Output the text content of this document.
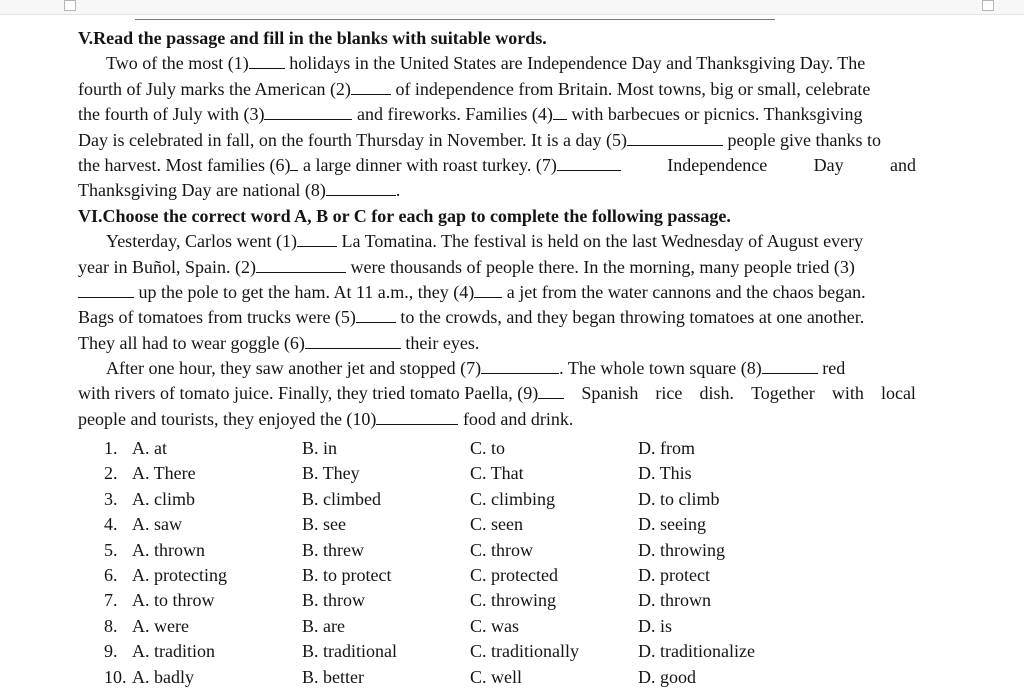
V.Read the passage and fill in the blanks with suitable words.
Two of the most (1) holidays in the United States are Independence Day and Thanksgiving Day. The
fourth of July marks the American (2) of independence from Britain. Most towns, big or small, celebrate
the fourth of July with (3)	and fireworks. Families (4) with barbecues or picnics. Thanksgiving
Day is celebrated in fall, on the fourth Thursday in November. It is a day (5)	people give thanks to
the harvest. Most families (6) a large dinner with roast turkey. (7)	Independence	Day	and
Thanksgiving Day are national (8)	.
VI.Choose the correct word A, B or C for each gap to complete the following passage.
Yesterday, Carlos went (1) La Tomatina. The festival is held on the last Wednesday of August every
year in Buñol, Spain. (2)	were thousands of people there. In the morning, many people tried (3)
up the pole to get the ham. At 11 a.m., they (4) a jet from the water cannons and the chaos began.
Bags of tomatoes from trucks were (5) to the crowds, and they began throwing tomatoes at one another.
They all had to wear goggle (6)	their eyes.
After one hour, they saw another jet and stopped (7)	. The whole town square (8)	red
with rivers of tomato juice. Finally, they tried tomato Paella, (9)	Spanish rice dish. Together with local
people and tourists, they enjoyed the (10)	food and drink.
1. A. at	B. in	C. to	D. from
2. A. There	B. They	C. That	D. This
3. A. climb	B. climbed	C. climbing	D. to climb
4. A. saw	B. see	C. seen	D. seeing
5. A. thrown	B. threw	C. throw	D. throwing
6. A. protecting	B. to protect	C. protected	D. protect
7. A. to throw	B. throw	C. throwing	D. thrown
8. A. were	B. are	C. was	D. is
9. A. tradition	B. traditional	C. traditionally	D. traditionalize
10. A. badly	B. better	C. well	D. good
